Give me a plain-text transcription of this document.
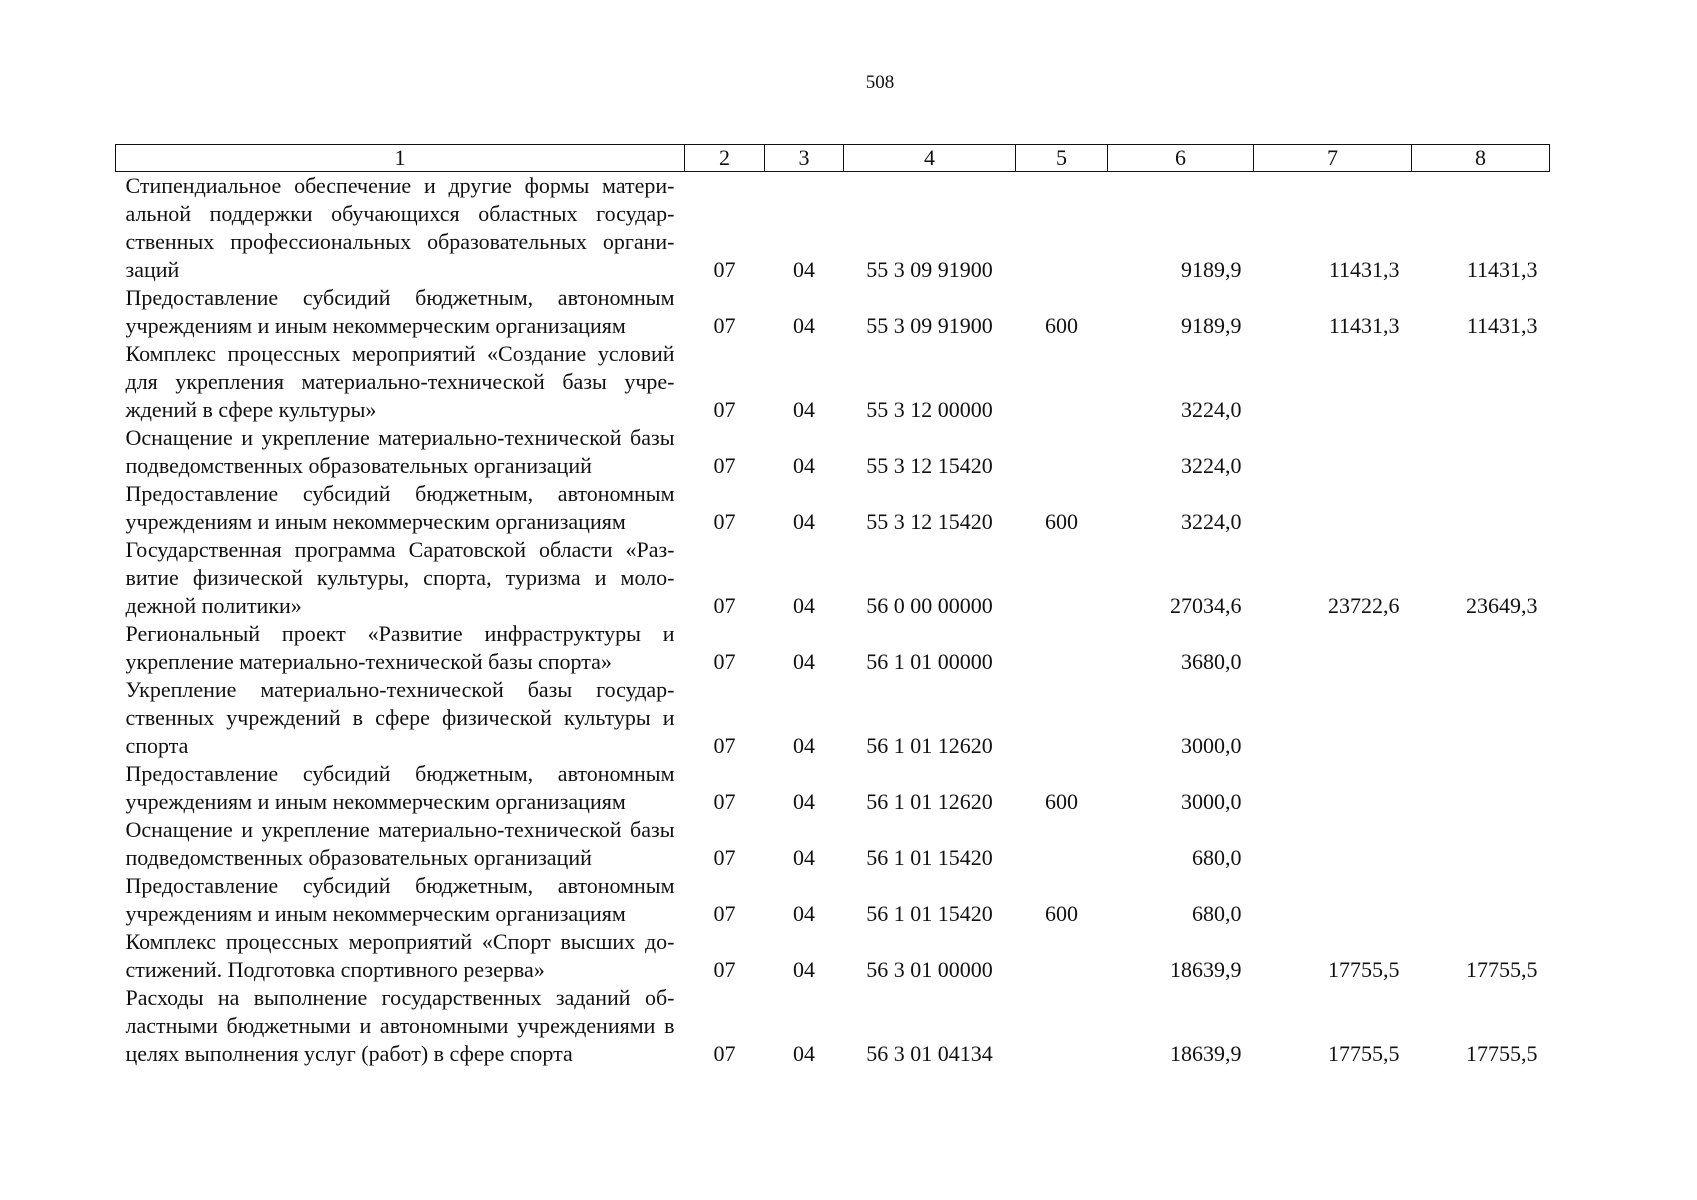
508
1	2	3	4	5	6	7	8
Стипендиальное обеспечение и другие формы материальной поддержки обучающихся областных государственных профессиональных образовательных организаций	07	04	55 3 09 91900		9189,9	11431,3	11431,3
Предоставление субсидий бюджетным, автономным учреждениям и иным некоммерческим организациям	07	04	55 3 09 91900	600	9189,9	11431,3	11431,3
Комплекс процессных мероприятий «Создание условий для укрепления материально-технической базы учреждений в сфере культуры»	07	04	55 3 12 00000		3224,0		
Оснащение и укрепление материально-технической базы подведомственных образовательных организаций	07	04	55 3 12 15420		3224,0		
Предоставление субсидий бюджетным, автономным учреждениям и иным некоммерческим организациям	07	04	55 3 12 15420	600	3224,0		
Государственная программа Саратовской области «Развитие физической культуры, спорта, туризма и молодежной политики»	07	04	56 0 00 00000		27034,6	23722,6	23649,3
Региональный проект «Развитие инфраструктуры и укрепление материально-технической базы спорта»	07	04	56 1 01 00000		3680,0		
Укрепление материально-технической базы государственных учреждений в сфере физической культуры и спорта	07	04	56 1 01 12620		3000,0		
Предоставление субсидий бюджетным, автономным учреждениям и иным некоммерческим организациям	07	04	56 1 01 12620	600	3000,0		
Оснащение и укрепление материально-технической базы подведомственных образовательных организаций	07	04	56 1 01 15420		680,0		
Предоставление субсидий бюджетным, автономным учреждениям и иным некоммерческим организациям	07	04	56 1 01 15420	600	680,0		
Комплекс процессных мероприятий «Спорт высших достижений. Подготовка спортивного резерва»	07	04	56 3 01 00000		18639,9	17755,5	17755,5
Расходы на выполнение государственных заданий областными бюджетными и автономными учреждениями в целях выполнения услуг (работ) в сфере спорта	07	04	56 3 01 04134		18639,9	17755,5	17755,5
